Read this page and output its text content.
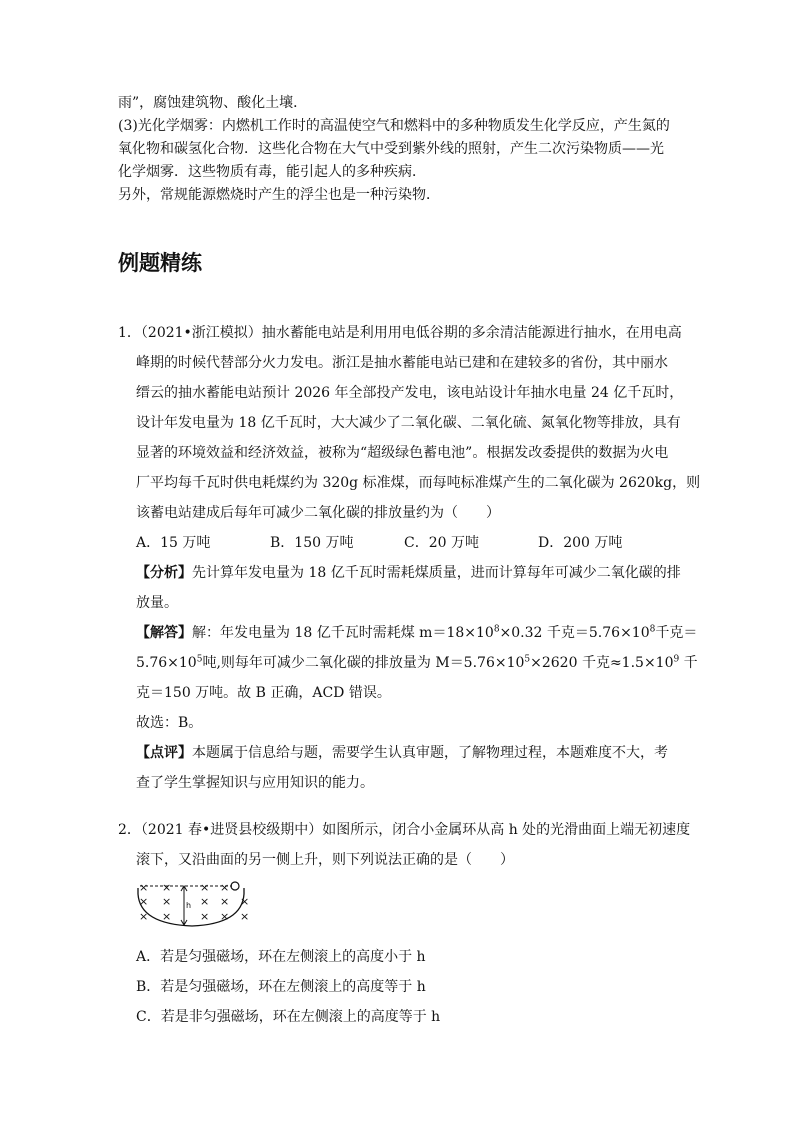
雨”，腐蚀建筑物、酸化土壤．
(3)光化学烟雾：内燃机工作时的高温使空气和燃料中的多种物质发生化学反应，产生氮的
氧化物和碳氢化合物．这些化合物在大气中受到紫外线的照射，产生二次污染物质——光
化学烟雾．这些物质有毒，能引起人的多种疾病．
另外，常规能源燃烧时产生的浮尘也是一种污染物．
例题精练
1．（2021•浙江模拟）抽水蓄能电站是利用用电低谷期的多余清洁能源进行抽水，在用电高
峰期的时候代替部分火力发电。浙江是抽水蓄能电站已建和在建较多的省份，其中丽水
缙云的抽水蓄能电站预计 2026 年全部投产发电，该电站设计年抽水电量 24 亿千瓦时，
设计年发电量为 18 亿千瓦时，大大减少了二氧化碳、二氧化硫、氮氧化物等排放，具有
显著的环境效益和经济效益，被称为“超级绿色蓄电池”。根据发改委提供的数据为火电
厂平均每千瓦时供电耗煤约为 320g 标准煤，而每吨标准煤产生的二氧化碳为 2620kg，则
该蓄电站建成后每年可减少二氧化碳的排放量约为（　　）
A．15 万吨	B．150 万吨	C．20 万吨	D．200 万吨
【分析】先计算年发电量为 18 亿千瓦时需耗煤质量，进而计算每年可减少二氧化碳的排
放量。
【解答】解：年发电量为 18 亿千瓦时需耗煤 $m=18\times 10^8\times 0.32$ 千克$=5.76\times 10^8$千克＝
$5.76\times 10^5$吨,则每年可减少二氧化碳的排放量为 $M=5.76\times 10^5\times 2620$ 千克$\approx 1.5\times 10^9$ 千
克＝150 万吨。故 B 正确，ACD 错误。
故选：B。
【点评】本题属于信息给与题，需要学生认真审题，了解物理过程，本题难度不大，考
查了学生掌握知识与应用知识的能力。
2．（2021 春•进贤县校级期中）如图所示，闭合小金属环从高 h 处的光滑曲面上端无初速度
滚下，又沿曲面的另一侧上升，则下列说法正确的是（　　）
h
× ×	× ×
× ×	× × ×
× ×	× × ×
A．若是匀强磁场，环在左侧滚上的高度小于 h
B．若是匀强磁场，环在左侧滚上的高度等于 h
C．若是非匀强磁场，环在左侧滚上的高度等于 h
